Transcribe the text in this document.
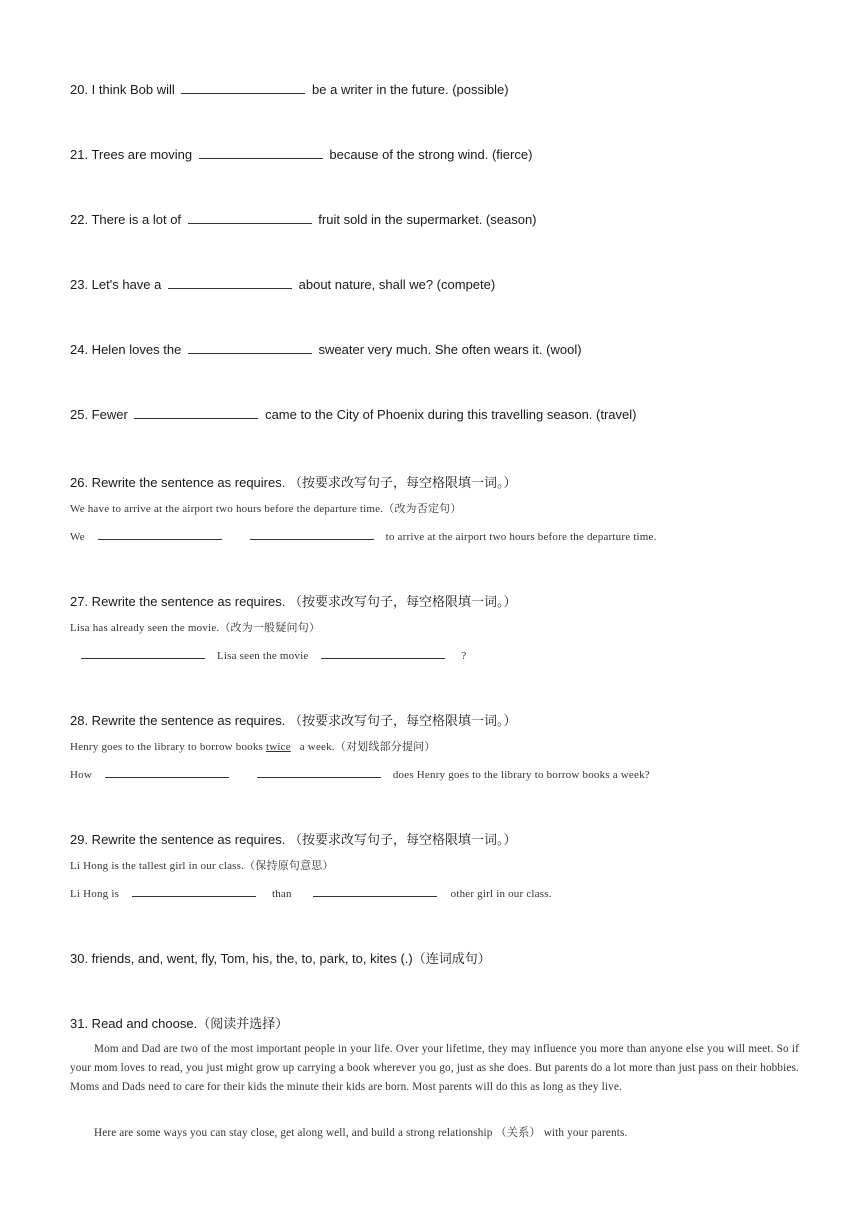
20. I think Bob will	be a writer in the future. (possible)
21. Trees are moving	because of the strong wind. (fierce)
22. There is a lot of	fruit sold in the supermarket. (season)
23. Let's have a	about nature, shall we? (compete)
24. Helen loves the	sweater very much. She often wears it. (wool)
25. Fewer	came to the City of Phoenix during this travelling season. (travel)
26. Rewrite the sentence as requires. （按要求改写句子，每空格限填一词。）
We have to arrive at the airport two hours before the departure time.（改为否定句）
We	to arrive at the airport two hours before the departure time.
27. Rewrite the sentence as requires. （按要求改写句子，每空格限填一词。）
Lisa has already seen the movie.（改为一般疑问句）
Lisa seen the movie	?
28. Rewrite the sentence as requires. （按要求改写句子，每空格限填一词。）
Henry goes to the library to borrow books twice a week.（对划线部分提问）
How	does Henry goes to the library to borrow books a week?
29. Rewrite the sentence as requires. （按要求改写句子，每空格限填一词。）
Li Hong is the tallest girl in our class.（保持原句意思）
Li Hong is	than	other girl in our class.
30. friends, and, went, fly, Tom, his, the, to, park, to, kites (.)（连词成句）
31. Read and choose.（阅读并选择）
Mom and Dad are two of the most important people in your life. Over your lifetime, they may influence you more than anyone else you will meet. So if your mom loves to read, you just might grow up carrying a book wherever you go, just as she does. But parents do a lot more than just pass on their hobbies. Moms and Dads need to care for their kids the minute their kids are born. Most parents will do this as long as they live.
Here are some ways you can stay close, get along well, and build a strong relationship （关系） with your parents.
